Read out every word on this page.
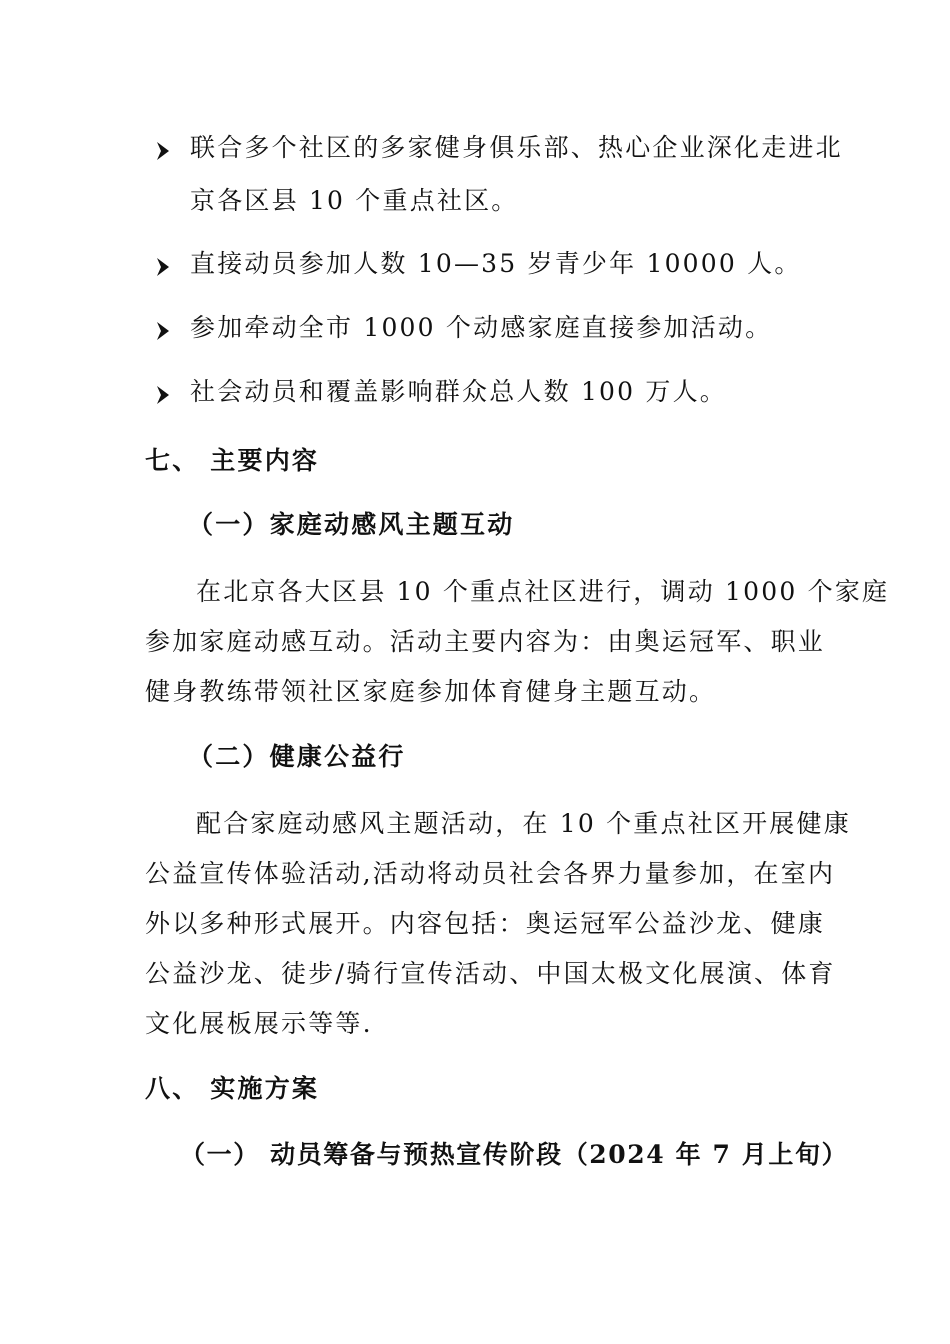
联合多个社区的多家健身俱乐部、热心企业深化走进北
京各区县 10 个重点社区。
直接动员参加人数 10—35 岁青少年 10000 人。
参加牵动全市 1000 个动感家庭直接参加活动。
社会动员和覆盖影响群众总人数 100 万人。
七、 主要内容
（一）家庭动感风主题互动
在北京各大区县 10 个重点社区进行，调动 1000 个家庭
参加家庭动感互动。活动主要内容为：由奥运冠军、职业
健身教练带领社区家庭参加体育健身主题互动。
（二）健康公益行
配合家庭动感风主题活动，在 10 个重点社区开展健康
公益宣传体验活动,活动将动员社会各界力量参加，在室内
外以多种形式展开。内容包括：奥运冠军公益沙龙、健康
公益沙龙、徒步/骑行宣传活动、中国太极文化展演、体育
文化展板展示等等.
八、 实施方案
（一） 动员筹备与预热宣传阶段（2024 年 7 月上旬）
